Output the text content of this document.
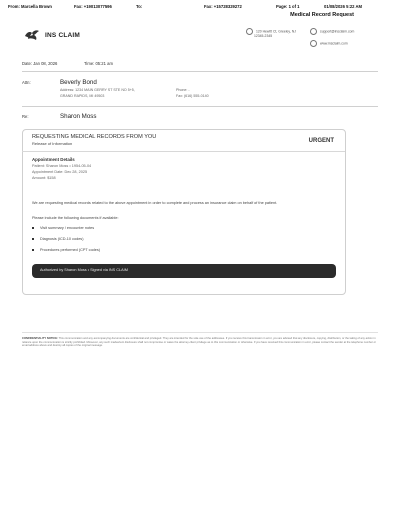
From: Marcella Brown	Fax: +19013077596	To:	Fax: +15728329272	Page: 1 of 1	01/08/2026 5:22 AM
Medical Record Request
INS CLAIM
120 Hewitt Ct, Greeley, NJ
12345-2345
support@insclaim.com
www.insclaim.com
Date: Jan 08, 2026	Time: 05:21 am
Attn:	Beverly Bond
Address: 1234 MAIN GERRY ST STE NO 5+5,
GRAND RAPIDS, MI 49503
Phone: -
Fax: (616) 555-0140
Re:	Sharon Moss
REQUESTING MEDICAL RECORDS FROM YOU
Release of Information	URGENT
Appointment Details
Patient: Sharon Moss • 1954-05-04
Appointment Date: Dec 28, 2025
Amount: $158
We are requesting medical records related to the above appointment in order to complete and process an insurance claim on behalf of the patient.
Please include the following documents if available:
Visit summary / encounter notes
Diagnosis (ICD-10 codes)
Procedures performed (CPT codes)
Authorized by Sharon Moss • Signed via INS CLAIM
CONFIDENTIALITY NOTICE: This communication and any accompanying documents are confidential and privileged. They are intended for the sole use of the addressee. If you receive this transmission in error, you are advised that any disclosure, copying, distribution, or the taking of any action in reliance upon the communication is strictly prohibited. Moreover, any such inadvertent disclosure shall not compromise or waive the attorney-client privilege as to this communication or otherwise. If you have received this communication in error, please contact the sender at the telephone number or email address above and destroy all copies of the original message.
